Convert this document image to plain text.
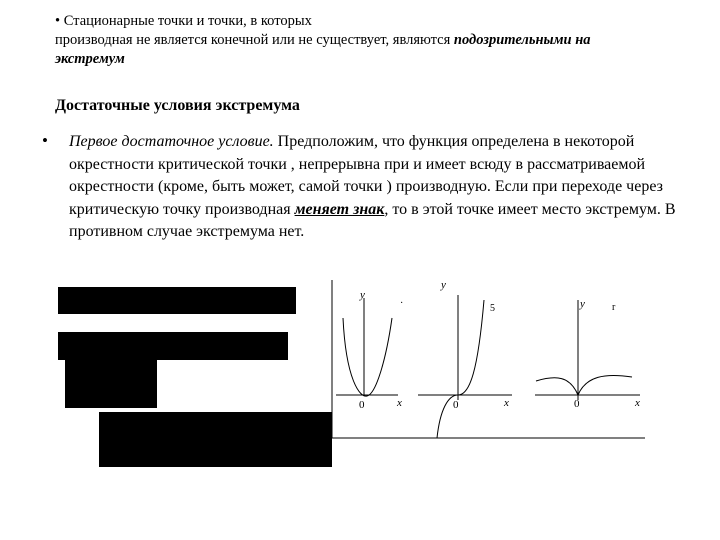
• Стационарные точки и точки, в которых
производная не является конечной или не существует, являются подозрительными на
экстремум
Достаточные условия экстремума
• Первое достаточное условие. Предположим, что функция определена в некоторой окрестности критической точки , непрерывна при и имеет всюду в рассматриваемой окрестности (кроме, быть может, самой точки ) производную. Если при переходе через критическую точку производная меняет знак, то в этой точке имеет место экстремум. В противном случае экстремума нет.
y
·
0	x
y
5
0	x
y	r
0	x
